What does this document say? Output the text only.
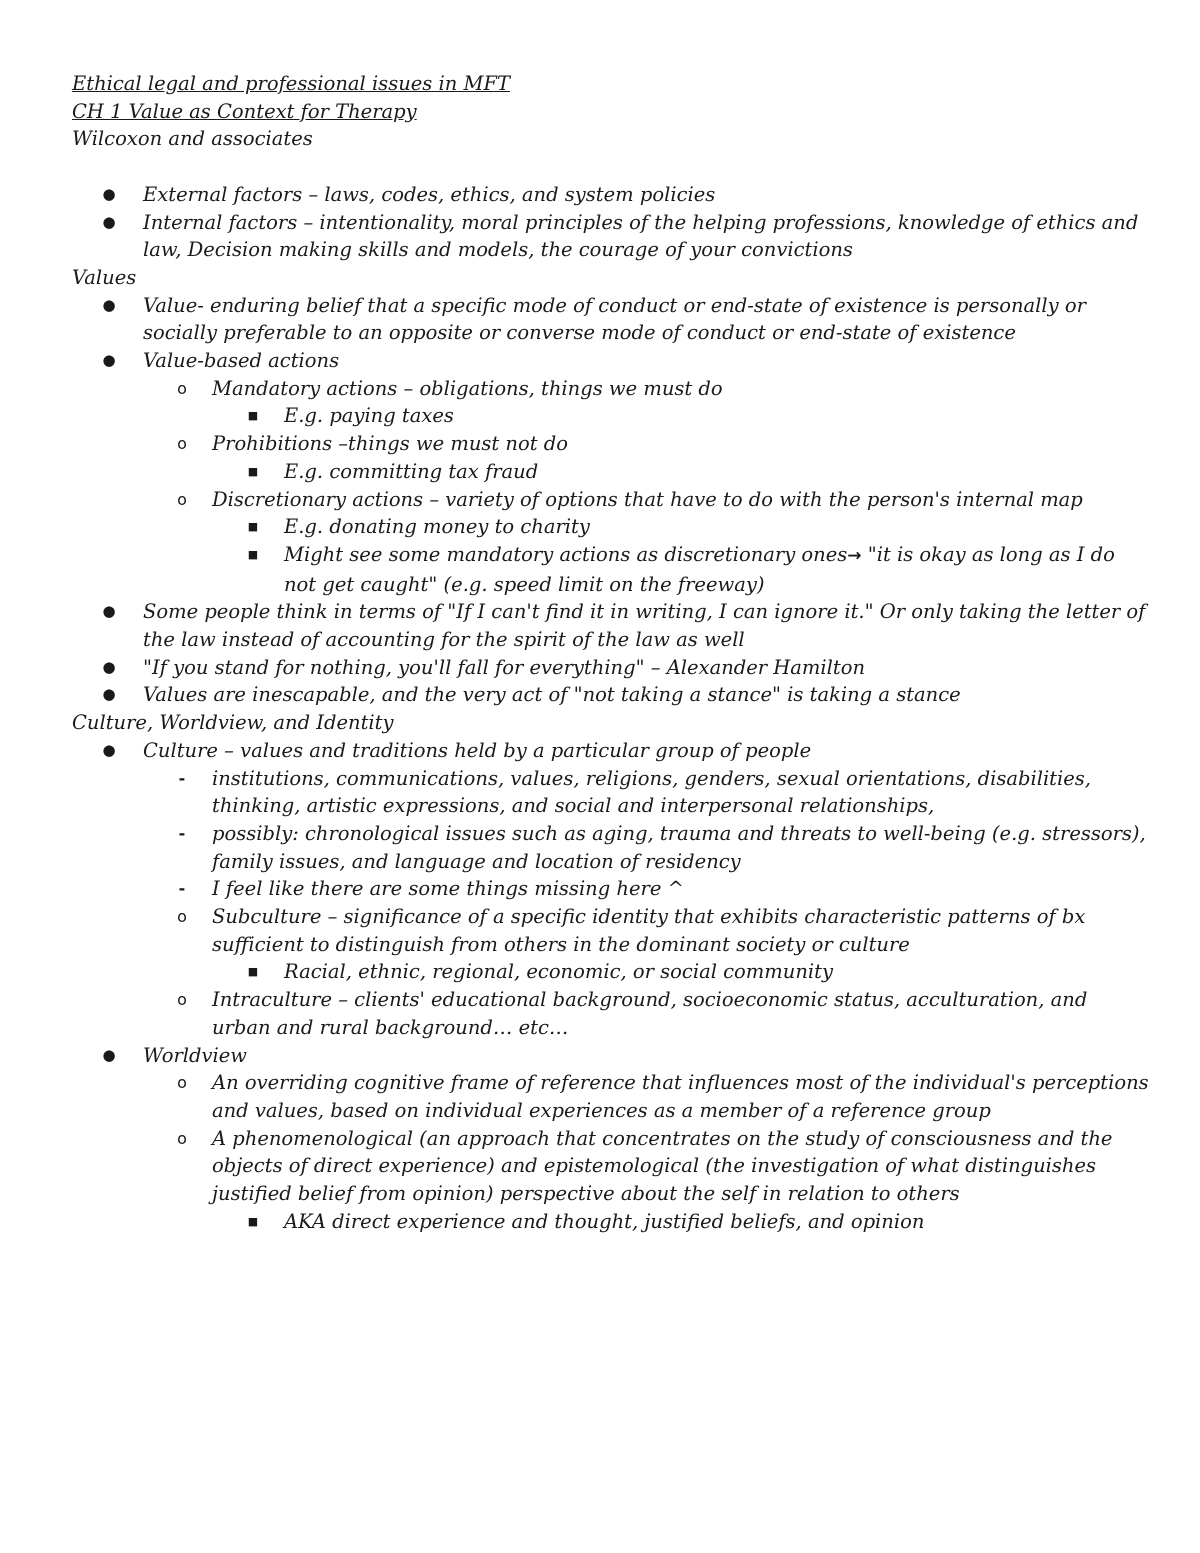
Ethical legal and professional issues in MFT
CH 1 Value as Context for Therapy
Wilcoxon and associates
● External factors – laws, codes, ethics, and system policies
● Internal factors – intentionality, moral principles of the helping professions, knowledge of ethics and
law, Decision making skills and models, the courage of your convictions
Values
● Value- enduring belief that a specific mode of conduct or end-state of existence is personally or
socially preferable to an opposite or converse mode of conduct or end-state of existence
● Value-based actions
o Mandatory actions – obligations, things we must do
■ E.g. paying taxes
o Prohibitions –things we must not do
■ E.g. committing tax fraud
o Discretionary actions – variety of options that have to do with the person's internal map
■ E.g. donating money to charity
■ Might see some mandatory actions as discretionary ones→ "it is okay as long as I do
not get caught" (e.g. speed limit on the freeway)
● Some people think in terms of "If I can't find it in writing, I can ignore it." Or only taking the letter of
the law instead of accounting for the spirit of the law as well
● "If you stand for nothing, you'll fall for everything" – Alexander Hamilton
● Values are inescapable, and the very act of "not taking a stance" is taking a stance
Culture, Worldview, and Identity
● Culture – values and traditions held by a particular group of people
- institutions, communications, values, religions, genders, sexual orientations, disabilities,
thinking, artistic expressions, and social and interpersonal relationships,
- possibly: chronological issues such as aging, trauma and threats to well-being (e.g. stressors),
family issues, and language and location of residency
- I feel like there are some things missing here ^
o Subculture – significance of a specific identity that exhibits characteristic patterns of bx
sufficient to distinguish from others in the dominant society or culture
■ Racial, ethnic, regional, economic, or social community
o Intraculture – clients' educational background, socioeconomic status, acculturation, and
urban and rural background… etc…
● Worldview
o An overriding cognitive frame of reference that influences most of the individual's perceptions
and values, based on individual experiences as a member of a reference group
o A phenomenological (an approach that concentrates on the study of consciousness and the
objects of direct experience) and epistemological (the investigation of what distinguishes
justified belief from opinion) perspective about the self in relation to others
■ AKA direct experience and thought, justified beliefs, and opinion
